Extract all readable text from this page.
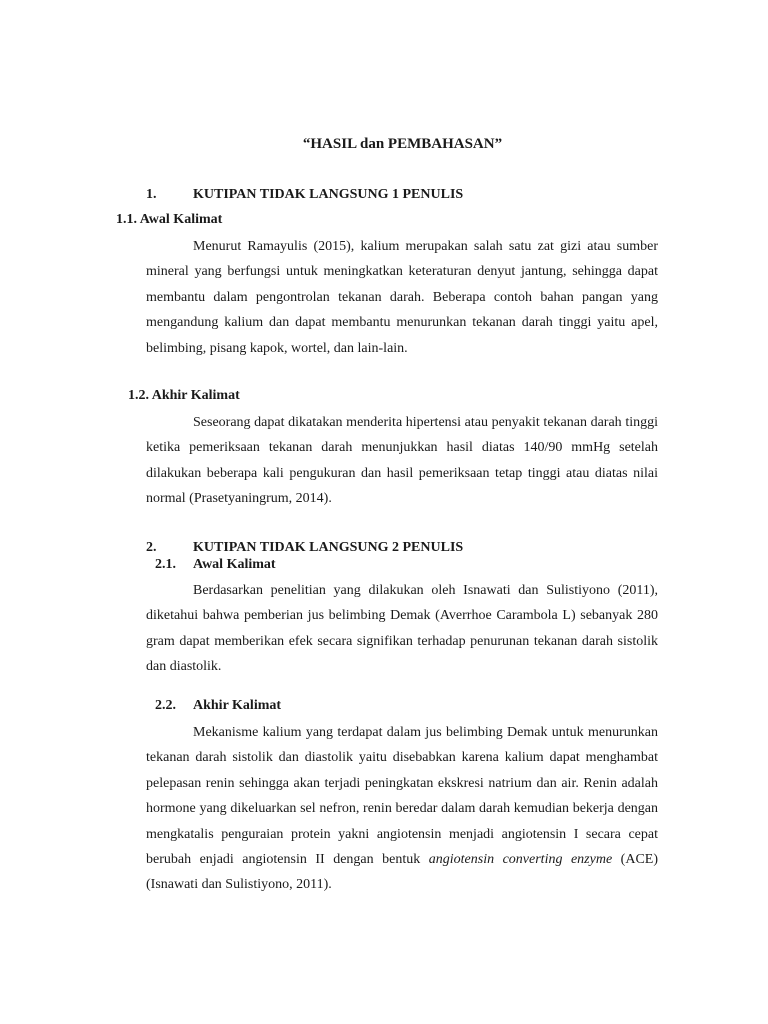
“HASIL dan PEMBAHASAN”
1.	KUTIPAN TIDAK LANGSUNG 1 PENULIS
1.1. Awal Kalimat

Menurut Ramayulis (2015), kalium merupakan salah satu zat gizi atau sumber mineral yang berfungsi untuk meningkatkan keteraturan denyut jantung, sehingga dapat membantu dalam pengontrolan tekanan darah. Beberapa contoh bahan pangan yang mengandung kalium dan dapat membantu menurunkan tekanan darah tinggi yaitu apel, belimbing, pisang kapok, wortel, dan lain-lain.

1.2. Akhir Kalimat

Seseorang dapat dikatakan menderita hipertensi atau penyakit tekanan darah tinggi ketika pemeriksaan tekanan darah menunjukkan hasil diatas 140/90 mmHg setelah dilakukan beberapa kali pengukuran dan hasil pemeriksaan tetap tinggi atau diatas nilai normal (Prasetyaningrum, 2014).

2.	KUTIPAN TIDAK LANGSUNG 2 PENULIS
2.1. Awal Kalimat

Berdasarkan penelitian yang dilakukan oleh Isnawati dan Sulistiyono (2011), diketahui bahwa pemberian jus belimbing Demak (Averrhoe Carambola L) sebanyak 280 gram dapat memberikan efek secara signifikan terhadap penurunan tekanan darah sistolik dan diastolik.

2.2. Akhir Kalimat

Mekanisme kalium yang terdapat dalam jus belimbing Demak untuk menurunkan tekanan darah sistolik dan diastolik yaitu disebabkan karena kalium dapat menghambat pelepasan renin sehingga akan terjadi peningkatan ekskresi natrium dan air. Renin adalah hormone yang dikeluarkan sel nefron, renin beredar dalam darah kemudian bekerja dengan mengkatalis penguraian protein yakni angiotensin menjadi angiotensin I secara cepat berubah enjadi angiotensin II dengan bentuk angiotensin converting enzyme (ACE) (Isnawati dan Sulistiyono, 2011).
